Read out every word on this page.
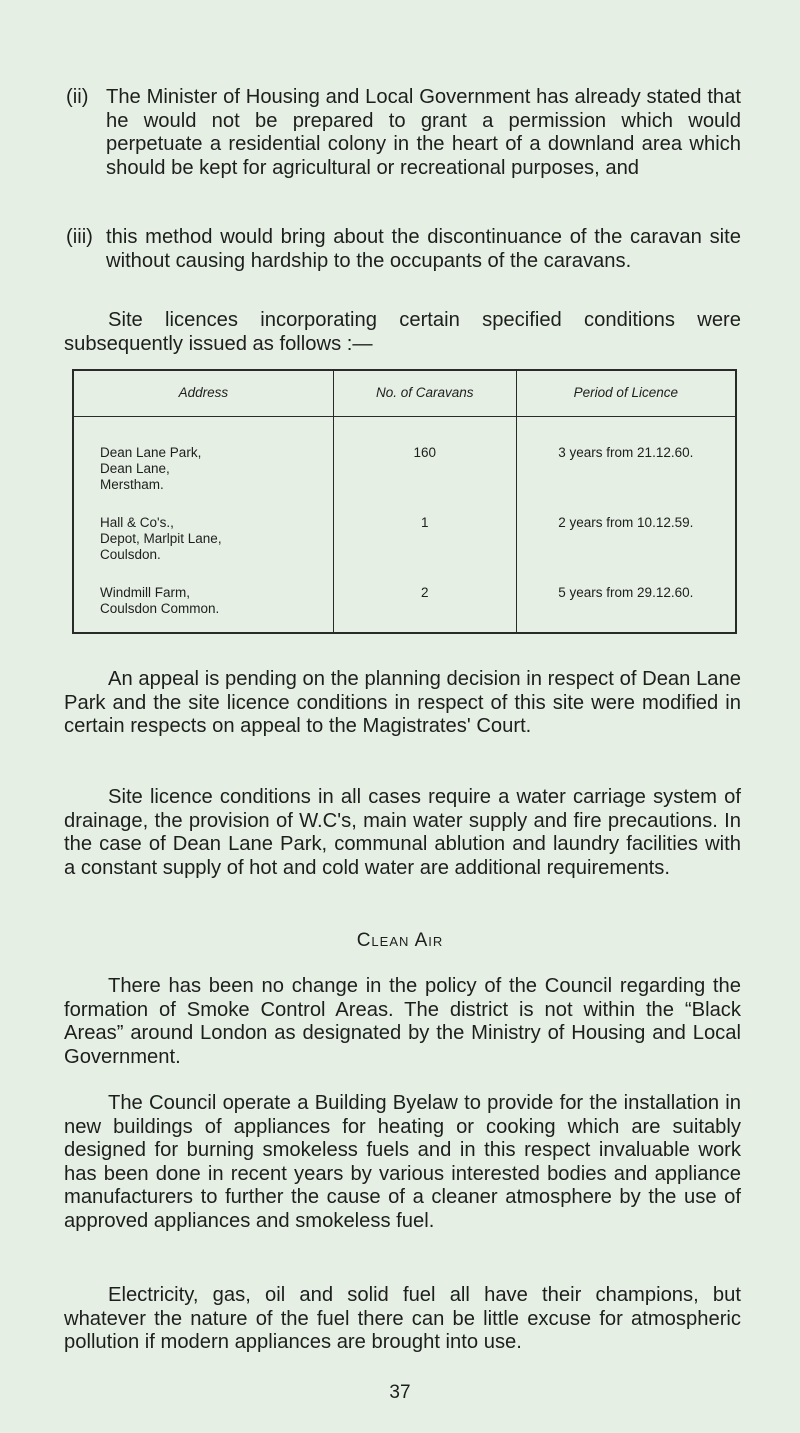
(ii) The Minister of Housing and Local Government has already stated that he would not be prepared to grant a permission which would perpetuate a residential colony in the heart of a downland area which should be kept for agricultural or recreational purposes, and
(iii) this method would bring about the discontinuance of the caravan site without causing hardship to the occupants of the caravans.

Site licences incorporating certain specified conditions were subsequently issued as follows :—

Address	No. of Caravans	Period of Licence

Dean Lane Park,
Dean Lane,
Merstham.	160	3 years from 21.12.60.

Hall & Co's.,
Depot, Marlpit Lane,
Coulsdon.	1	2 years from 10.12.59.

Windmill Farm,
Coulsdon Common.	2	5 years from 29.12.60.

An appeal is pending on the planning decision in respect of Dean Lane Park and the site licence conditions in respect of this site were modified in certain respects on appeal to the Magistrates' Court.

Site licence conditions in all cases require a water carriage system of drainage, the provision of W.C's, main water supply and fire precautions. In the case of Dean Lane Park, communal ablution and laundry facilities with a constant supply of hot and cold water are additional requirements.

Clean Air

There has been no change in the policy of the Council regarding the formation of Smoke Control Areas. The district is not within the “Black Areas” around London as designated by the Ministry of Housing and Local Government.

The Council operate a Building Byelaw to provide for the installation in new buildings of appliances for heating or cooking which are suitably designed for burning smokeless fuels and in this respect invaluable work has been done in recent years by various interested bodies and appliance manufacturers to further the cause of a cleaner atmosphere by the use of approved appliances and smokeless fuel.

Electricity, gas, oil and solid fuel all have their champions, but whatever the nature of the fuel there can be little excuse for atmospheric pollution if modern appliances are brought into use.

37
